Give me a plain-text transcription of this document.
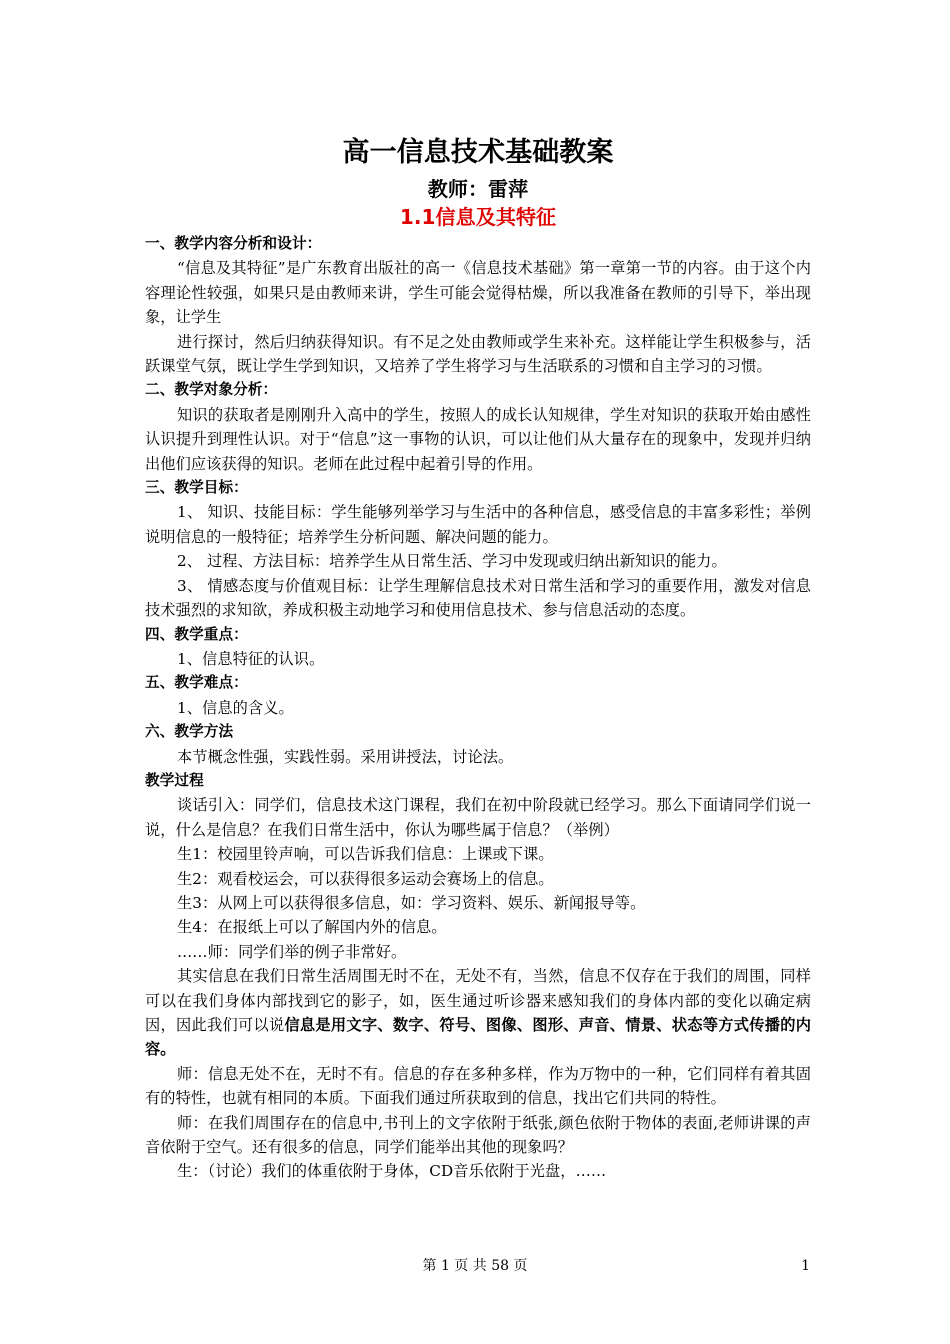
高一信息技术基础教案
教师：雷萍
1.1信息及其特征
一、教学内容分析和设计：
“信息及其特征”是广东教育出版社的高一《信息技术基础》第一章第一节的内容。由于这个内容理论性较强，如果只是由教师来讲，学生可能会觉得枯燥，所以我准备在教师的引导下，举出现象，让学生
进行探讨，然后归纳获得知识。有不足之处由教师或学生来补充。这样能让学生积极参与，活跃课堂气氛，既让学生学到知识，又培养了学生将学习与生活联系的习惯和自主学习的习惯。
二、教学对象分析：
知识的获取者是刚刚升入高中的学生，按照人的成长认知规律，学生对知识的获取开始由感性认识提升到理性认识。对于“信息”这一事物的认识，可以让他们从大量存在的现象中，发现并归纳出他们应该获得的知识。老师在此过程中起着引导的作用。
三、教学目标：
1、 知识、技能目标：学生能够列举学习与生活中的各种信息，感受信息的丰富多彩性；举例说明信息的一般特征；培养学生分析问题、解决问题的能力。
2、 过程、方法目标：培养学生从日常生活、学习中发现或归纳出新知识的能力。
3、 情感态度与价值观目标：让学生理解信息技术对日常生活和学习的重要作用，激发对信息技术强烈的求知欲，养成积极主动地学习和使用信息技术、参与信息活动的态度。
四、教学重点：
1、信息特征的认识。
五、教学难点：
1、信息的含义。
六、教学方法
本节概念性强，实践性弱。采用讲授法，讨论法。
教学过程
谈话引入：同学们，信息技术这门课程，我们在初中阶段就已经学习。那么下面请同学们说一说，什么是信息？在我们日常生活中，你认为哪些属于信息？（举例）
生1：校园里铃声响，可以告诉我们信息：上课或下课。
生2：观看校运会，可以获得很多运动会赛场上的信息。
生3：从网上可以获得很多信息，如：学习资料、娱乐、新闻报导等。
生4：在报纸上可以了解国内外的信息。
……师：同学们举的例子非常好。
其实信息在我们日常生活周围无时不在，无处不有，当然，信息不仅存在于我们的周围，同样可以在我们身体内部找到它的影子，如，医生通过听诊器来感知我们的身体内部的变化以确定病因，因此我们可以说信息是用文字、数字、符号、图像、图形、声音、情景、状态等方式传播的内容。
师：信息无处不在，无时不有。信息的存在多种多样，作为万物中的一种，它们同样有着其固有的特性，也就有相同的本质。下面我们通过所获取到的信息，找出它们共同的特性。
师：在我们周围存在的信息中,书刊上的文字依附于纸张,颜色依附于物体的表面,老师讲课的声音依附于空气。还有很多的信息，同学们能举出其他的现象吗？
生：（讨论）我们的体重依附于身体，CD音乐依附于光盘，……
第 1 页 共 58 页	1
